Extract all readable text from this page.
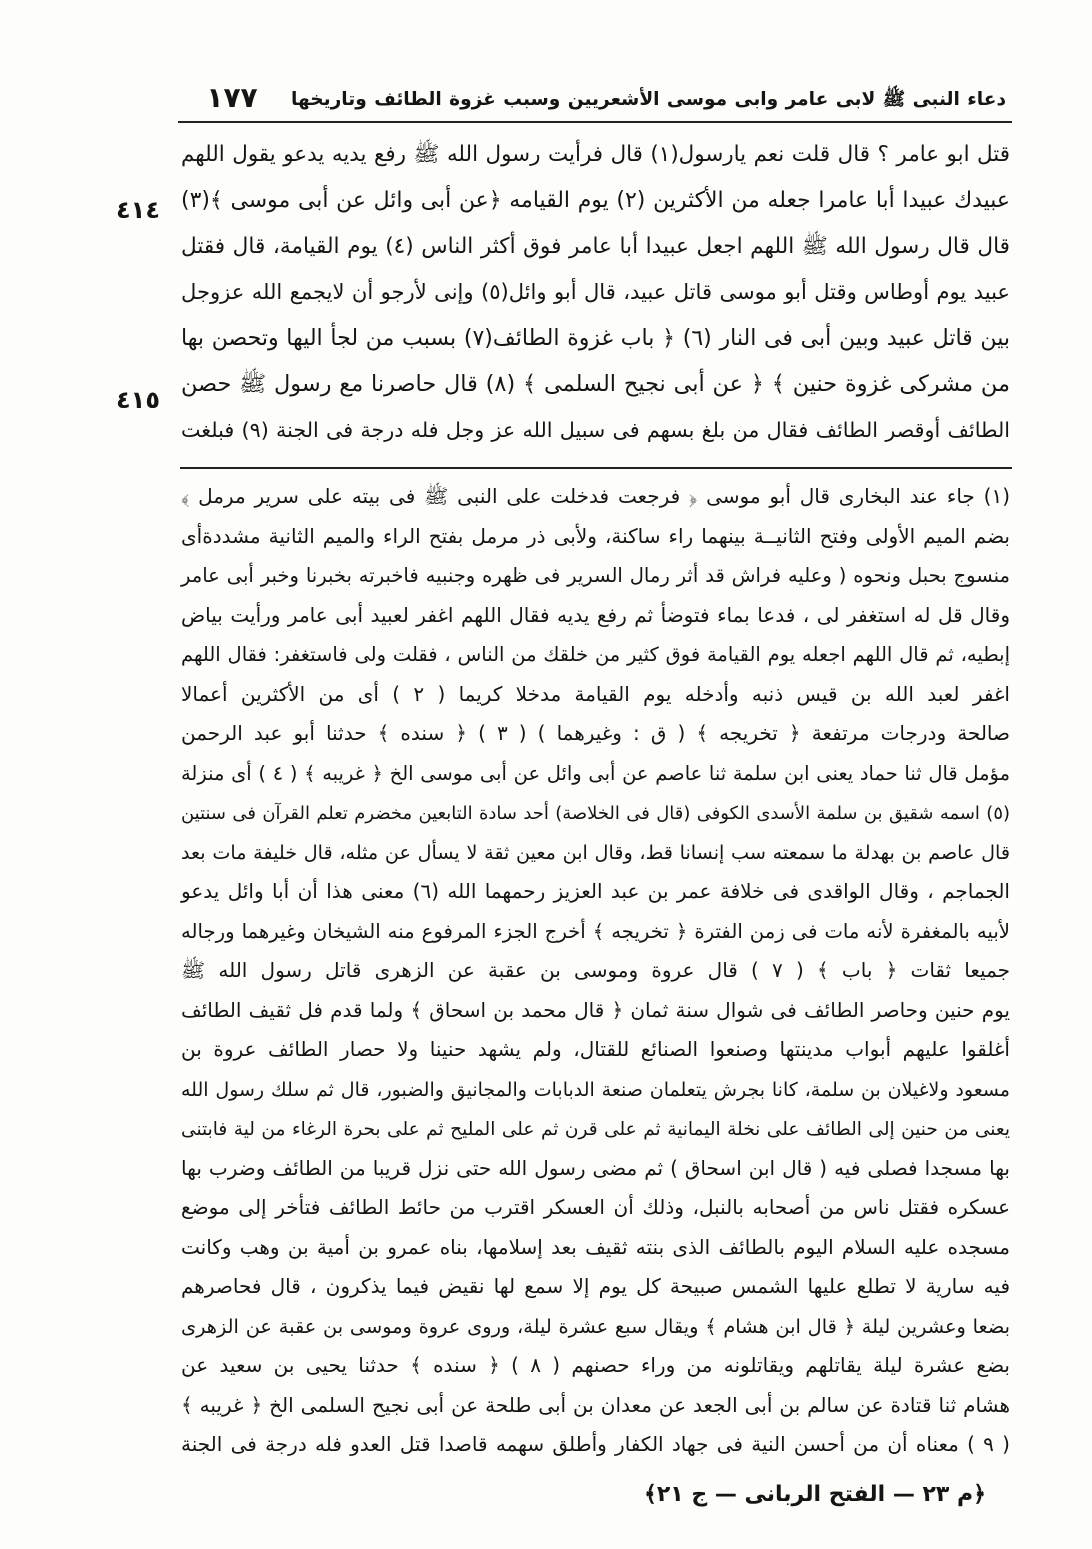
دعاء النبى ﷺ لابى عامر وابى موسى الأشعريين وسبب غزوة الطائف وتاريخها
١٧٧
٤١٤
٤١٥
قتل ابو عامر ؟ قال قلت نعم يارسول(١) قال فرأيت رسول الله ﷺ رفع يديه يدعو يقول اللهم
عبيدك عبيدا أبا عامرا جعله من الأكثرين (٢) يوم القيامه ﴿عن أبى وائل عن أبى موسى ﴾(٣)
قال قال رسول الله ﷺ اللهم اجعل عبيدا أبا عامر فوق أكثر الناس (٤) يوم القيامة، قال فقتل
عبيد يوم أوطاس وقتل أبو موسى قاتل عبيد، قال أبو وائل(٥) وإنى لأرجو أن لايجمع الله عزوجل
بين قاتل عبيد وبين أبى فى النار (٦) ﴿ باب غزوة الطائف(٧) بسبب من لجأ اليها وتحصن بها
من مشركى غزوة حنين ﴾ ﴿ عن أبى نجيح السلمى ﴾ (٨) قال حاصرنا مع رسول ﷺ حصن
الطائف أوقصر الطائف فقال من بلغ بسهم فى سبيل الله عز وجل فله درجة فى الجنة (٩) فبلغت
(١) جاء عند البخارى قال أبو موسى ﴿ فرجعت فدخلت على النبى ﷺ فى بيته على سرير مرمل ﴾
بضم الميم الأولى وفتح الثانيــة بينهما راء ساكنة، ولأبى ذر مرمل بفتح الراء والميم الثانية مشددةأى
منسوج بحبل ونحوه ( وعليه فراش قد أثر رمال السرير فى ظهره وجنبيه فاخبرته بخبرنا وخبر أبى عامر
وقال قل له استغفر لى ، فدعا بماء فتوضأ ثم رفع يديه فقال اللهم اغفر لعبيد أبى عامر ورأيت بياض
إبطيه، ثم قال اللهم اجعله يوم القيامة فوق كثير من خلقك من الناس ، فقلت ولى فاستغفر: فقال اللهم
اغفر لعبد الله بن قيس ذنبه وأدخله يوم القيامة مدخلا كريما ( ٢ ) أى من الأكثرين أعمالا
صالحة ودرجات مرتفعة ﴿ تخريجه ﴾ ( ق : وغيرهما ) ( ٣ ) ﴿ سنده ﴾ حدثنا أبو عبد الرحمن
مؤمل قال ثنا حماد يعنى ابن سلمة ثنا عاصم عن أبى وائل عن أبى موسى الخ ﴿ غريبه ﴾ ( ٤ ) أى منزلة
(٥) اسمه شقيق بن سلمة الأسدى الكوفى (قال فى الخلاصة) أحد سادة التابعين مخضرم تعلم القرآن فى سنتين
قال عاصم بن بهدلة ما سمعته سب إنسانا قط، وقال ابن معين ثقة لا يسأل عن مثله، قال خليفة مات بعد
الجماجم ، وقال الواقدى فى خلافة عمر بن عبد العزيز رحمهما الله (٦) معنى هذا أن أبا وائل يدعو
لأبيه بالمغفرة لأنه مات فى زمن الفترة ﴿ تخريجه ﴾ أخرج الجزء المرفوع منه الشيخان وغيرهما ورجاله
جميعا ثقات ﴿ باب ﴾ ( ٧ ) قال عروة وموسى بن عقبة عن الزهرى قاتل رسول الله ﷺ
يوم حنين وحاصر الطائف فى شوال سنة ثمان ﴿ قال محمد بن اسحاق ﴾ ولما قدم فل ثقيف الطائف
أغلقوا عليهم أبواب مدينتها وصنعوا الصنائع للقتال، ولم يشهد حنينا ولا حصار الطائف عروة بن
مسعود ولاغيلان بن سلمة، كانا بجرش يتعلمان صنعة الدبابات والمجانيق والضبور، قال ثم سلك رسول الله
يعنى من حنين إلى الطائف على نخلة اليمانية ثم على قرن ثم على المليح ثم على بحرة الرغاء من لية فابتنى
بها مسجدا فصلى فيه ( قال ابن اسحاق ) ثم مضى رسول الله حتى نزل قريبا من الطائف وضرب بها
عسكره فقتل ناس من أصحابه بالنبل، وذلك أن العسكر اقترب من حائط الطائف فتأخر إلى موضع
مسجده عليه السلام اليوم بالطائف الذى بنته ثقيف بعد إسلامها، بناه عمرو بن أمية بن وهب وكانت
فيه سارية لا تطلع عليها الشمس صبيحة كل يوم إلا سمع لها نقيض فيما يذكرون ، قال فحاصرهم
بضعا وعشرين ليلة ﴿ قال ابن هشام ﴾ ويقال سبع عشرة ليلة، وروى عروة وموسى بن عقبة عن الزهرى
بضع عشرة ليلة يقاتلهم ويقاتلونه من وراء حصنهم ( ٨ ) ﴿ سنده ﴾ حدثنا يحيى بن سعيد عن
هشام ثنا قتادة عن سالم بن أبى الجعد عن معدان بن أبى طلحة عن أبى نجيح السلمى الخ ﴿ غريبه ﴾
( ٩ ) معناه أن من أحسن النية فى جهاد الكفار وأطلق سهمه قاصدا قتل العدو فله درجة فى الجنة
﴿م ٢٣ — الفتح الربانى — ج ٢١﴾
